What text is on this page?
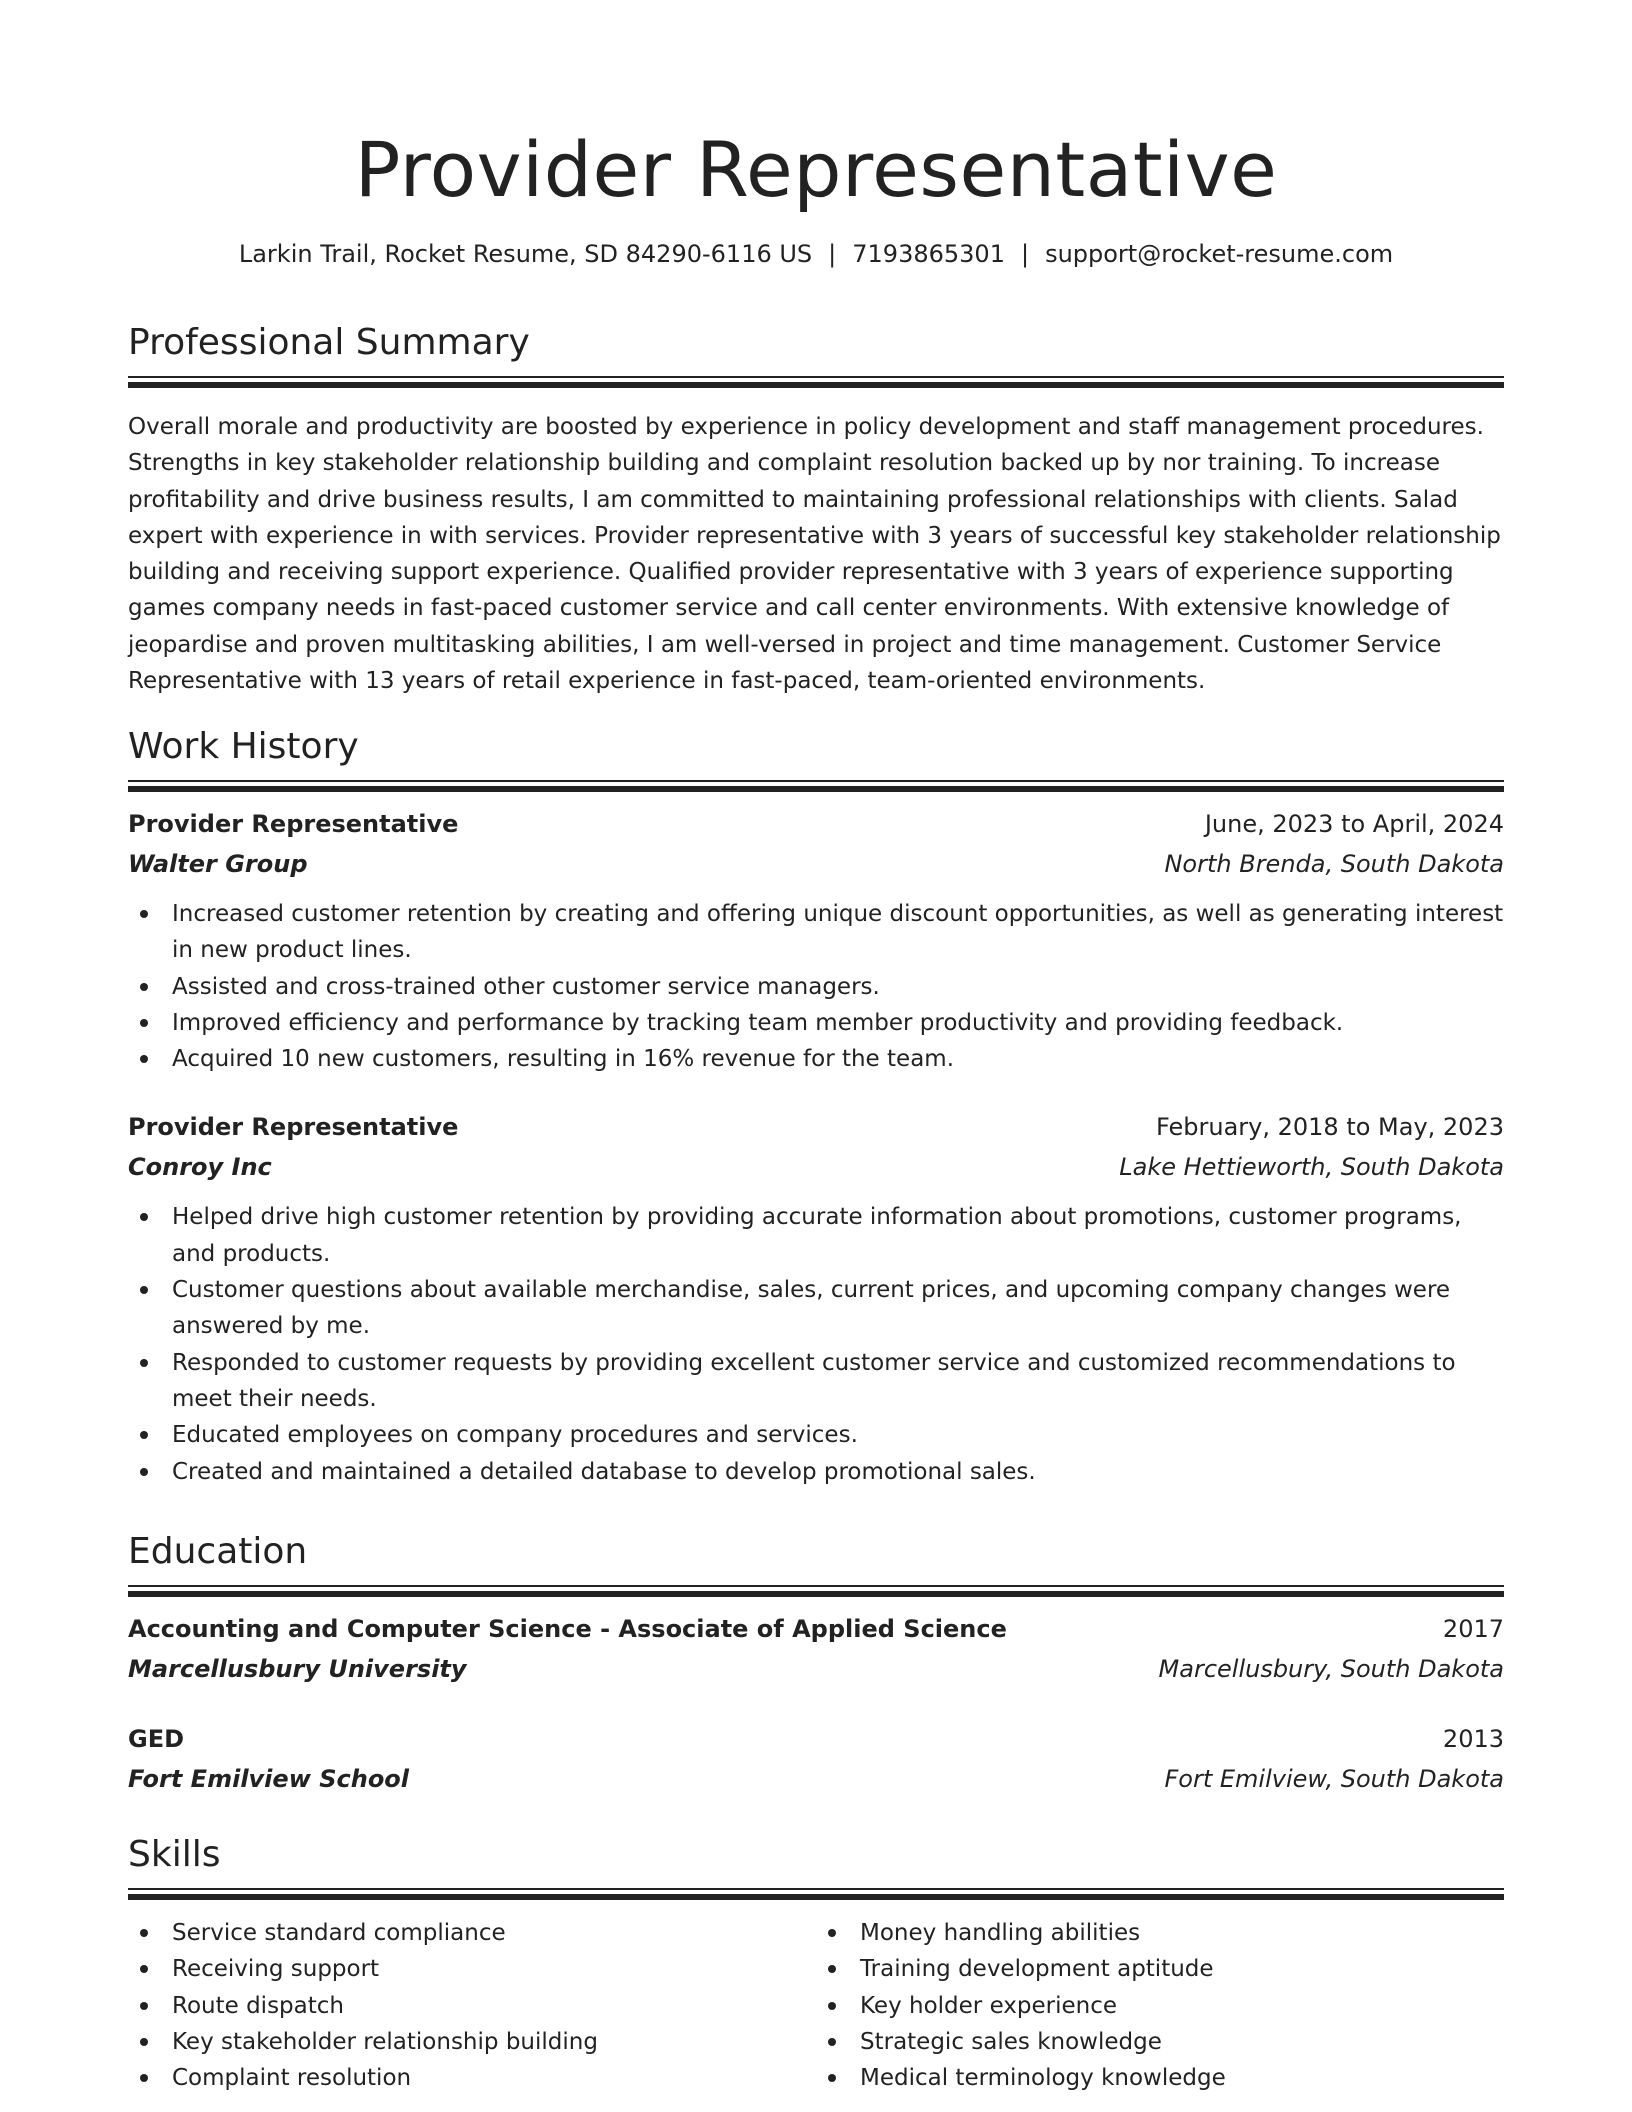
Provider Representative
Larkin Trail, Rocket Resume, SD 84290-6116 US | 7193865301 | support@rocket-resume.com
Professional Summary

Overall morale and productivity are boosted by experience in policy development and staff management procedures. Strengths in key stakeholder relationship building and complaint resolution backed up by nor training. To increase profitability and drive business results, I am committed to maintaining professional relationships with clients. Salad expert with experience in with services. Provider representative with 3 years of successful key stakeholder relationship building and receiving support experience. Qualified provider representative with 3 years of experience supporting games company needs in fast-paced customer service and call center environments. With extensive knowledge of jeopardise and proven multitasking abilities, I am well-versed in project and time management. Customer Service Representative with 13 years of retail experience in fast-paced, team-oriented environments.

Work History
Provider Representative	June, 2023 to April, 2024
Walter Group	North Brenda, South Dakota
Increased customer retention by creating and offering unique discount opportunities, as well as generating interest in new product lines.
Assisted and cross-trained other customer service managers.
Improved efficiency and performance by tracking team member productivity and providing feedback.
Acquired 10 new customers, resulting in 16% revenue for the team.
Provider Representative	February, 2018 to May, 2023
Conroy Inc	Lake Hettieworth, South Dakota
Helped drive high customer retention by providing accurate information about promotions, customer programs, and products.
Customer questions about available merchandise, sales, current prices, and upcoming company changes were answered by me.
Responded to customer requests by providing excellent customer service and customized recommendations to meet their needs.
Educated employees on company procedures and services.
Created and maintained a detailed database to develop promotional sales.
Education
Accounting and Computer Science - Associate of Applied Science	2017
Marcellusbury University	Marcellusbury, South Dakota
GED	2013
Fort Emilview School	Fort Emilview, South Dakota
Skills
Service standard compliance
Receiving support
Route dispatch
Key stakeholder relationship building
Complaint resolution
Money handling abilities
Training development aptitude
Key holder experience
Strategic sales knowledge
Medical terminology knowledge
